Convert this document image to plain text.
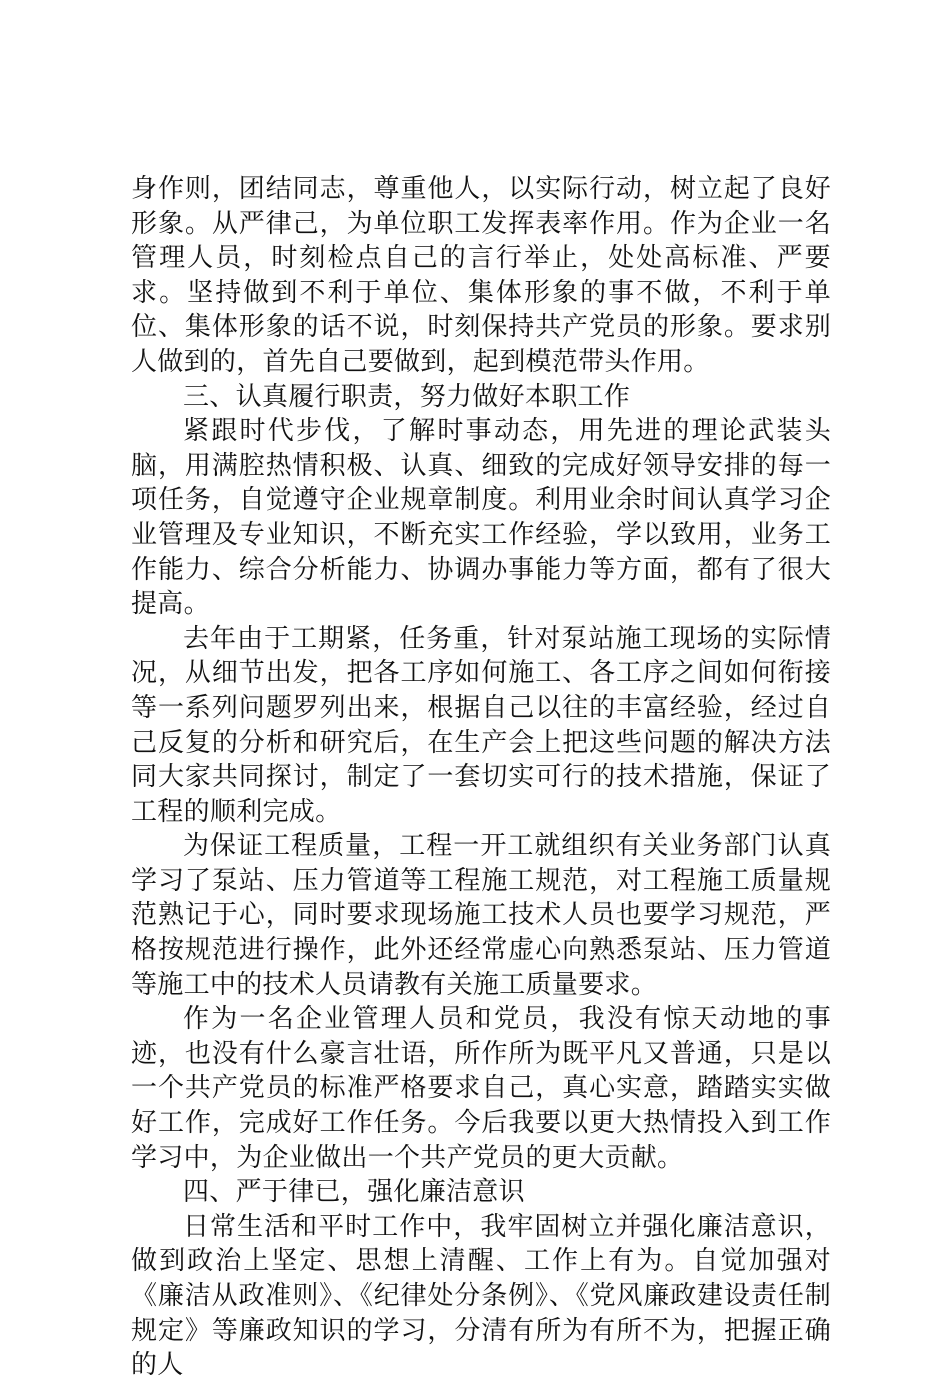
身作则，团结同志，尊重他人，以实际行动，树立起了良好形象。从严律己，为单位职工发挥表率作用。作为企业一名管理人员，时刻检点自己的言行举止，处处高标准、严要求。坚持做到不利于单位、集体形象的事不做，不利于单位、集体形象的话不说，时刻保持共产党员的形象。要求别人做到的，首先自己要做到，起到模范带头作用。

三、认真履行职责，努力做好本职工作

紧跟时代步伐，了解时事动态，用先进的理论武装头脑，用满腔热情积极、认真、细致的完成好领导安排的每一项任务，自觉遵守企业规章制度。利用业余时间认真学习企业管理及专业知识，不断充实工作经验，学以致用，业务工作能力、综合分析能力、协调办事能力等方面，都有了很大提高。

去年由于工期紧，任务重，针对泵站施工现场的实际情况，从细节出发，把各工序如何施工、各工序之间如何衔接等一系列问题罗列出来，根据自己以往的丰富经验，经过自己反复的分析和研究后，在生产会上把这些问题的解决方法同大家共同探讨，制定了一套切实可行的技术措施，保证了工程的顺利完成。

为保证工程质量，工程一开工就组织有关业务部门认真学习了泵站、压力管道等工程施工规范，对工程施工质量规范熟记于心，同时要求现场施工技术人员也要学习规范，严格按规范进行操作，此外还经常虚心向熟悉泵站、压力管道等施工中的技术人员请教有关施工质量要求。

作为一名企业管理人员和党员，我没有惊天动地的事迹，也没有什么豪言壮语，所作所为既平凡又普通，只是以一个共产党员的标准严格要求自己，真心实意，踏踏实实做好工作，完成好工作任务。今后我要以更大热情投入到工作学习中，为企业做出一个共产党员的更大贡献。

四、严于律已，强化廉洁意识

日常生活和平时工作中，我牢固树立并强化廉洁意识，做到政治上坚定、思想上清醒、工作上有为。自觉加强对《廉洁从政准则》、《纪律处分条例》、《党风廉政建设责任制规定》等廉政知识的学习，分清有所为有所不为，把握正确的人
